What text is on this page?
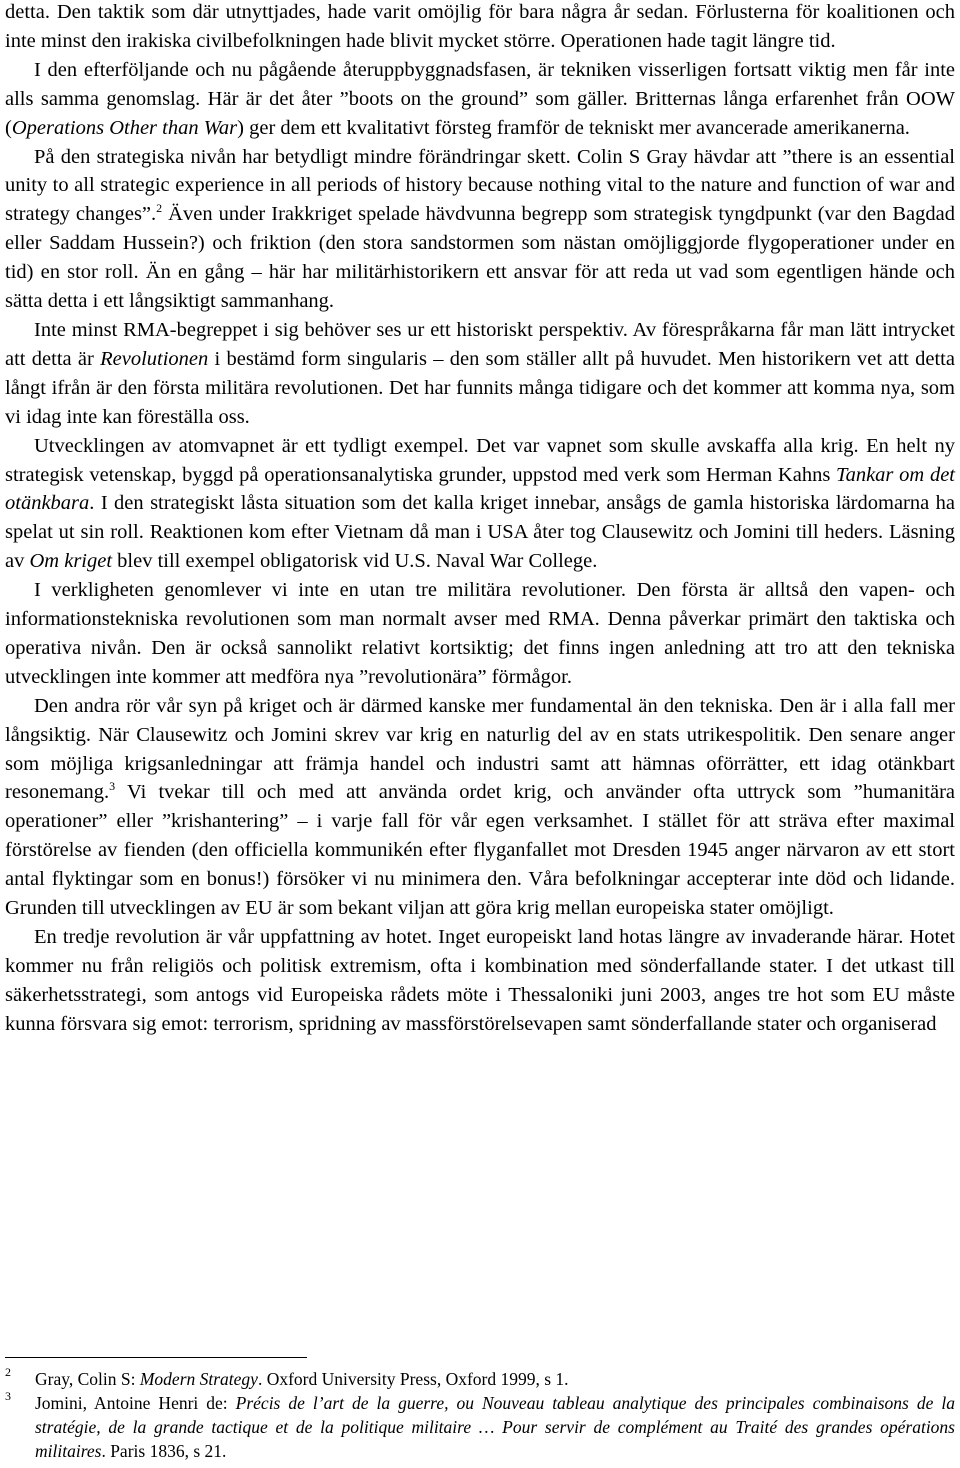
detta. Den taktik som där utnyttjades, hade varit omöjlig för bara några år sedan. Förlusterna för koalitionen och inte minst den irakiska civilbefolkningen hade blivit mycket större. Operationen hade tagit längre tid.

I den efterföljande och nu pågående återuppbyggnadsfasen, är tekniken visserligen fortsatt viktig men får inte alls samma genomslag. Här är det åter ”boots on the ground” som gäller. Britternas långa erfarenhet från OOW (Operations Other than War) ger dem ett kvalitativt försteg framför de tekniskt mer avancerade amerikanerna.

På den strategiska nivån har betydligt mindre förändringar skett. Colin S Gray hävdar att ”there is an essential unity to all strategic experience in all periods of history because nothing vital to the nature and function of war and strategy changes”.$^2$ Även under Irakkriget spelade hävdvunna begrepp som strategisk tyngdpunkt (var den Bagdad eller Saddam Hussein?) och friktion (den stora sandstormen som nästan omöjliggjorde flygoperationer under en tid) en stor roll. Än en gång – här har militärhistorikern ett ansvar för att reda ut vad som egentligen hände och sätta detta i ett långsiktigt sammanhang.

Inte minst RMA-begreppet i sig behöver ses ur ett historiskt perspektiv. Av förespråkarna får man lätt intrycket att detta är Revolutionen i bestämd form singularis – den som ställer allt på huvudet. Men historikern vet att detta långt ifrån är den första militära revolutionen. Det har funnits många tidigare och det kommer att komma nya, som vi idag inte kan föreställa oss.

Utvecklingen av atomvapnet är ett tydligt exempel. Det var vapnet som skulle avskaffa alla krig. En helt ny strategisk vetenskap, byggd på operationsanalytiska grunder, uppstod med verk som Herman Kahns Tankar om det otänkbara. I den strategiskt låsta situation som det kalla kriget innebar, ansågs de gamla historiska lärdomarna ha spelat ut sin roll. Reaktionen kom efter Vietnam då man i USA åter tog Clausewitz och Jomini till heders. Läsning av Om kriget blev till exempel obligatorisk vid U.S. Naval War College.

I verkligheten genomlever vi inte en utan tre militära revolutioner. Den första är alltså den vapen- och informationstekniska revolutionen som man normalt avser med RMA. Denna påverkar primärt den taktiska och operativa nivån. Den är också sannolikt relativt kortsiktig; det finns ingen anledning att tro att den tekniska utvecklingen inte kommer att medföra nya ”revolutionära” förmågor.

Den andra rör vår syn på kriget och är därmed kanske mer fundamental än den tekniska. Den är i alla fall mer långsiktig. När Clausewitz och Jomini skrev var krig en naturlig del av en stats utrikespolitik. Den senare anger som möjliga krigsanledningar att främja handel och industri samt att hämnas oförrätter, ett idag otänkbart resonemang.$^3$ Vi tvekar till och med att använda ordet krig, och använder ofta uttryck som ”humanitära operationer” eller ”krishantering” – i varje fall för vår egen verksamhet. I stället för att sträva efter maximal förstörelse av fienden (den officiella kommunikén efter flyganfallet mot Dresden 1945 anger närvaron av ett stort antal flyktingar som en bonus!) försöker vi nu minimera den. Våra befolkningar accepterar inte död och lidande. Grunden till utvecklingen av EU är som bekant viljan att göra krig mellan europeiska stater omöjligt.

En tredje revolution är vår uppfattning av hotet. Inget europeiskt land hotas längre av invaderande härar. Hotet kommer nu från religiös och politisk extremism, ofta i kombination med sönderfallande stater. I det utkast till säkerhetsstrategi, som antogs vid Europeiska rådets möte i Thessaloniki juni 2003, anges tre hot som EU måste kunna försvara sig emot: terrorism, spridning av massförstörelsevapen samt sönderfallande stater och organiserad

2 Gray, Colin S: Modern Strategy. Oxford University Press, Oxford 1999, s 1.
3 Jomini, Antoine Henri de: Précis de l’art de la guerre, ou Nouveau tableau analytique des principales combinaisons de la stratégie, de la grande tactique et de la politique militaire … Pour servir de complément au Traité des grandes opérations militaires. Paris 1836, s 21.
